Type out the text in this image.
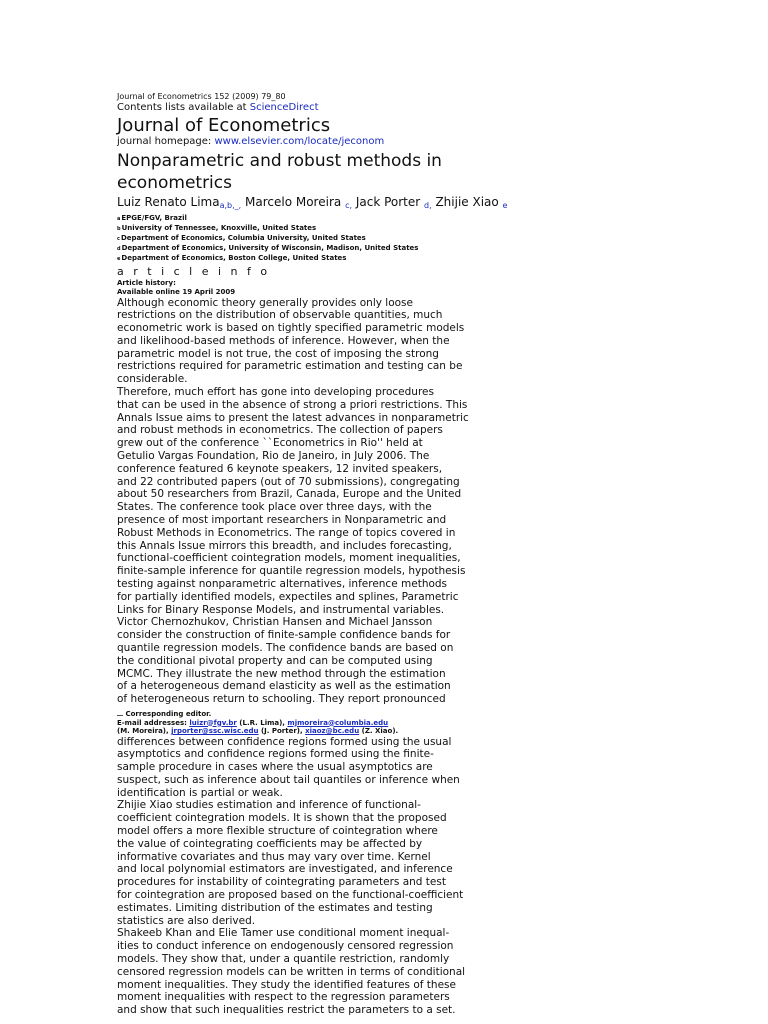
Journal of Econometrics 152 (2009) 79_80
Contents lists available at ScienceDirect
Journal of Econometrics
journal homepage: www.elsevier.com/locate/jeconom
Nonparametric and robust methods in econometrics
Luiz Renato Lima$_{a,b,\_,}$ Marcelo Moreira $_{c,}$ Jack Porter $_{d,}$ Zhijie Xiao $_e$
aEPGE/FGV, Brazil
bUniversity of Tennessee, Knoxville, United States
cDepartment of Economics, Columbia University, United States
dDepartment of Economics, University of Wisconsin, Madison, United States
eDepartment of Economics, Boston College, United States
a r t i c l e i n f o
Article history:
Available online 19 April 2009

Although economic theory generally provides only loose
restrictions on the distribution of observable quantities, much
econometric work is based on tightly specified parametric models
and likelihood-based methods of inference. However, when the
parametric model is not true, the cost of imposing the strong
restrictions required for parametric estimation and testing can be
considerable.
Therefore, much effort has gone into developing procedures
that can be used in the absence of strong a priori restrictions. This
Annals Issue aims to present the latest advances in nonparametric
and robust methods in econometrics. The collection of papers
grew out of the conference ``Econometrics in Rio'' held at
Getulio Vargas Foundation, Rio de Janeiro, in July 2006. The
conference featured 6 keynote speakers, 12 invited speakers,
and 22 contributed papers (out of 70 submissions), congregating
about 50 researchers from Brazil, Canada, Europe and the United
States. The conference took place over three days, with the
presence of most important researchers in Nonparametric and
Robust Methods in Econometrics. The range of topics covered in
this Annals Issue mirrors this breadth, and includes forecasting,
functional-coefficient cointegration models, moment inequalities,
finite-sample inference for quantile regression models, hypothesis
testing against nonparametric alternatives, inference methods
for partially identified models, expectiles and splines, Parametric
Links for Binary Response Models, and instrumental variables.
Victor Chernozhukov, Christian Hansen and Michael Jansson
consider the construction of finite-sample confidence bands for
quantile regression models. The confidence bands are based on
the conditional pivotal property and can be computed using
MCMC. They illustrate the new method through the estimation
of a heterogeneous demand elasticity as well as the estimation
of heterogeneous return to schooling. They report pronounced

Corresponding editor.
E-mail addresses: luizr@fgv.br (L.R. Lima), mjmoreira@columbia.edu
(M. Moreira), jrporter@ssc.wisc.edu (J. Porter), xiaoz@bc.edu (Z. Xiao).

differences between confidence regions formed using the usual
asymptotics and confidence regions formed using the finite-
sample procedure in cases where the usual asymptotics are
suspect, such as inference about tail quantiles or inference when
identification is partial or weak.
Zhijie Xiao studies estimation and inference of functional-
coefficient cointegration models. It is shown that the proposed
model offers a more flexible structure of cointegration where
the value of cointegrating coefficients may be affected by
informative covariates and thus may vary over time. Kernel
and local polynomial estimators are investigated, and inference
procedures for instability of cointegrating parameters and test
for cointegration are proposed based on the functional-coefficient
estimates. Limiting distribution of the estimates and testing
statistics are also derived.
Shakeeb Khan and Elie Tamer use conditional moment inequal-
ities to conduct inference on endogenously censored regression
models. They show that, under a quantile restriction, randomly
censored regression models can be written in terms of conditional
moment inequalities. They study the identified features of these
moment inequalities with respect to the regression parameters
and show that such inequalities restrict the parameters to a set.
